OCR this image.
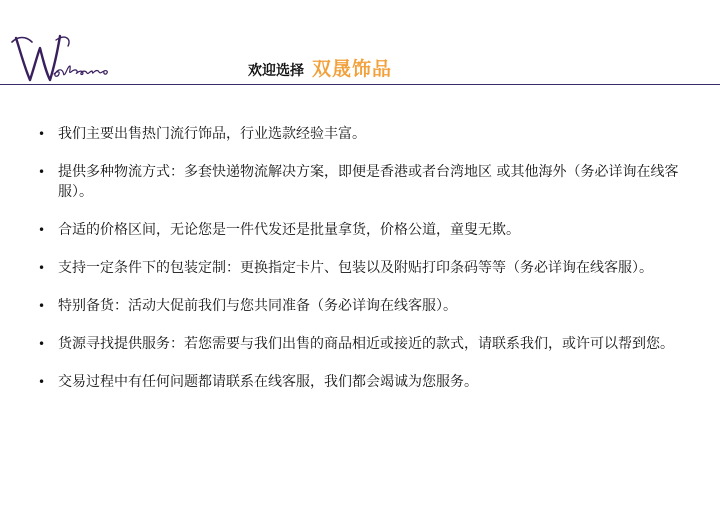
欢迎选择 双晟饰品
• 我们主要出售热门流行饰品，行业选款经验丰富。
• 提供多种物流方式：多套快递物流解决方案，即便是香港或者台湾地区 或其他海外（务必详询在线客服）。
• 合适的价格区间，无论您是一件代发还是批量拿货，价格公道，童叟无欺。
• 支持一定条件下的包装定制：更换指定卡片、包装以及附贴打印条码等等（务必详询在线客服）。
• 特别备货：活动大促前我们与您共同准备（务必详询在线客服）。
• 货源寻找提供服务：若您需要与我们出售的商品相近或接近的款式，请联系我们，或许可以帮到您。
• 交易过程中有任何问题都请联系在线客服，我们都会竭诚为您服务。
